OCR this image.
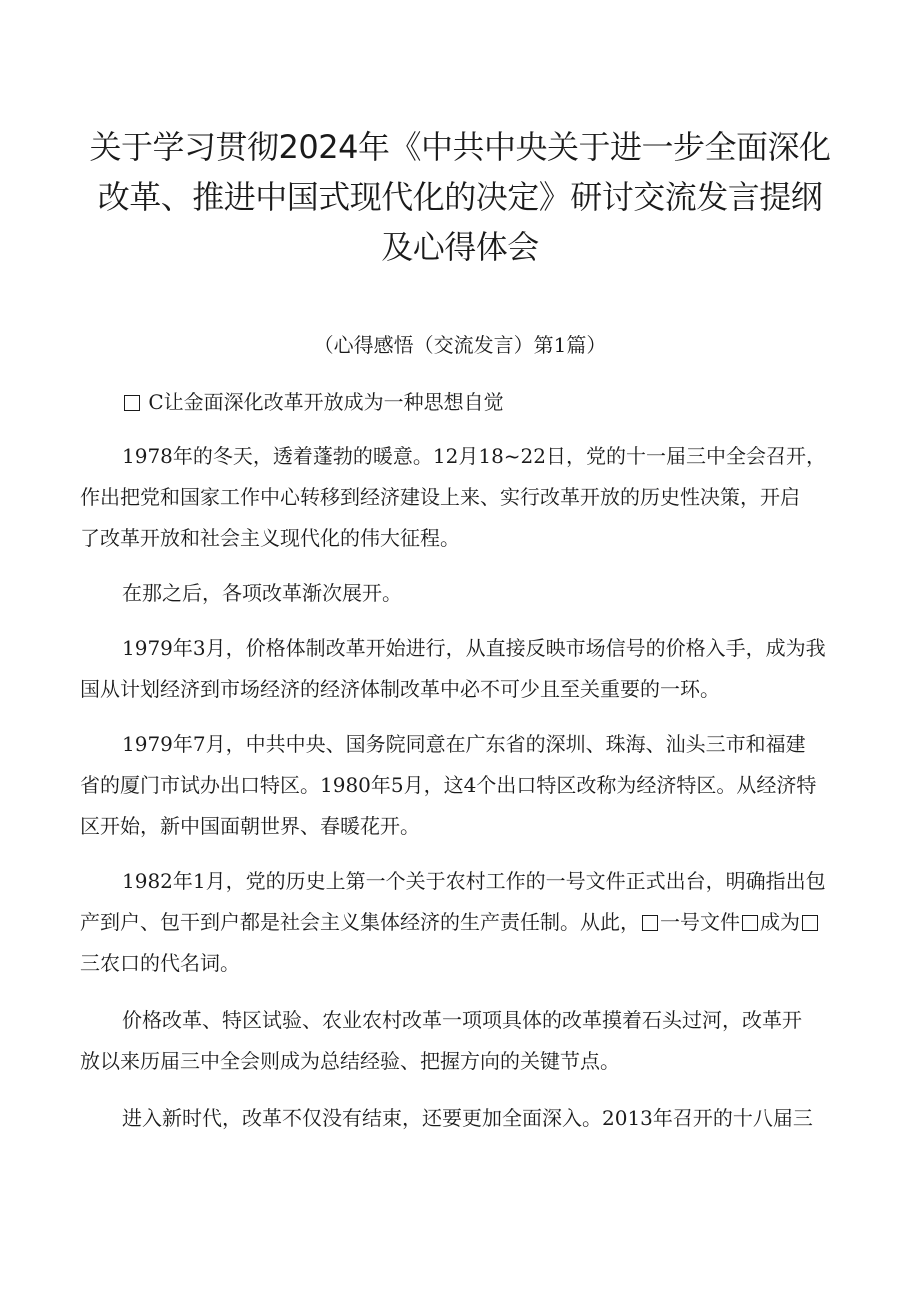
关于学习贯彻2024年《中共中央关于进一步全面深化
改革、推进中国式现代化的决定》研讨交流发言提纲
及心得体会

（心得感悟（交流发言）第1篇）

C让金面深化改革开放成为一种思想自觉

1978年的冬天，透着蓬勃的暖意。12月18~22日，党的十一届三中全会召开，

作出把党和国家工作中心转移到经济建设上来、实行改革开放的历史性决策，开启

了改革开放和社会主义现代化的伟大征程。

在那之后，各项改革渐次展开。

1979年3月，价格体制改革开始进行，从直接反映市场信号的价格入手，成为我

国从计划经济到市场经济的经济体制改革中必不可少且至关重要的一环。

1979年7月，中共中央、国务院同意在广东省的深圳、珠海、汕头三市和福建

省的厦门市试办出口特区。1980年5月，这4个出口特区改称为经济特区。从经济特

区开始，新中国面朝世界、春暖花开。

1982年1月，党的历史上第一个关于农村工作的一号文件正式出台，明确指出包

产到户、包干到户都是社会主义集体经济的生产责任制。从此， 一号文件 成为

三农口的代名词。

价格改革、特区试验、农业农村改革一项项具体的改革摸着石头过河，改革开

放以来历届三中全会则成为总结经验、把握方向的关键节点。

进入新时代，改革不仅没有结束，还要更加全面深入。2013年召开的十八届三
